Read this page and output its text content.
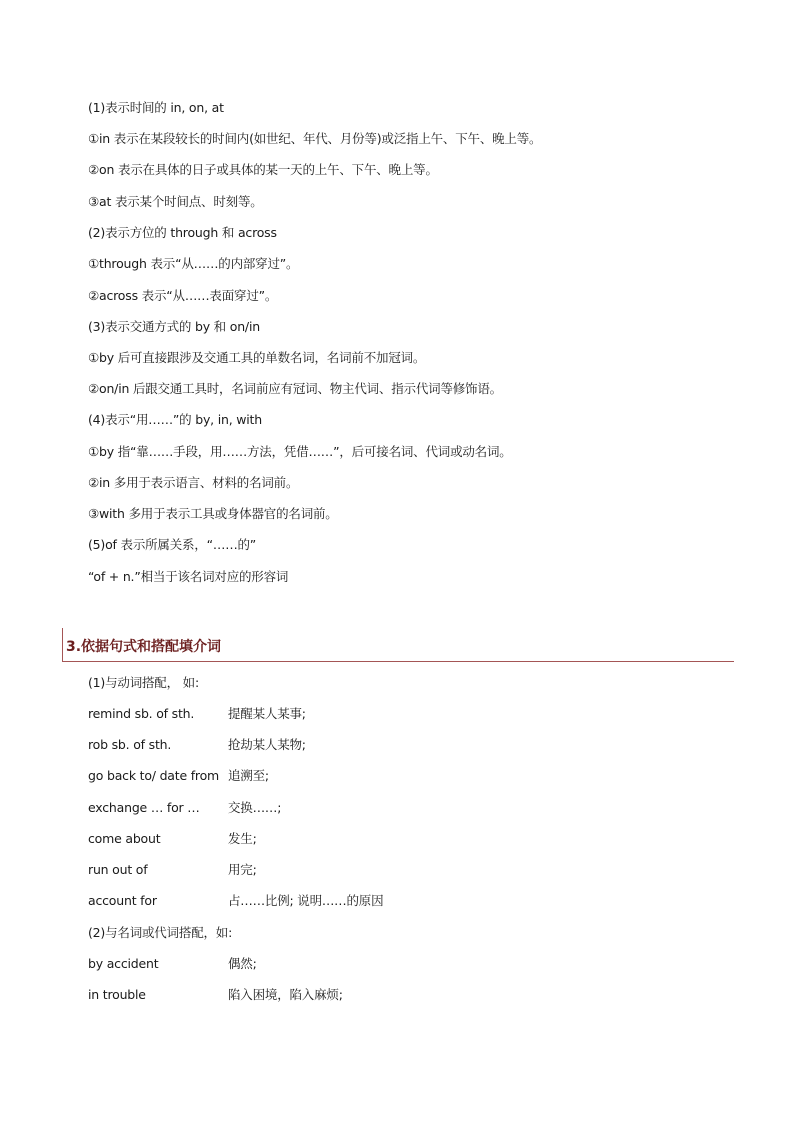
(1)表示时间的 in, on, at
①in 表示在某段较长的时间内(如世纪、年代、月份等)或泛指上午、下午、晚上等。
②on 表示在具体的日子或具体的某一天的上午、下午、晚上等。
③at 表示某个时间点、时刻等。
(2)表示方位的 through 和 across
①through 表示“从……的内部穿过”。
②across 表示“从……表面穿过”。
(3)表示交通方式的 by 和 on/in
①by 后可直接跟涉及交通工具的单数名词，名词前不加冠词。
②on/in 后跟交通工具时，名词前应有冠词、物主代词、指示代词等修饰语。
(4)表示“用……”的 by, in, with
①by 指“靠……手段，用……方法，凭借……”，后可接名词、代词或动名词。
②in 多用于表示语言、材料的名词前。
③with 多用于表示工具或身体器官的名词前。
(5)of 表示所属关系，“……的”
“of + n.”相当于该名词对应的形容词
3.依据句式和搭配填介词
(1)与动词搭配， 如:
remind sb. of sth.	提醒某人某事;
rob sb. of sth.	抢劫某人某物;
go back to/ date from 追溯至;
exchange … for … 交换……;
come about	发生;
run out of	用完;
account for	占……比例; 说明……的原因
(2)与名词或代词搭配，如:
by accident	偶然;
in trouble	陷入困境，陷入麻烦;
